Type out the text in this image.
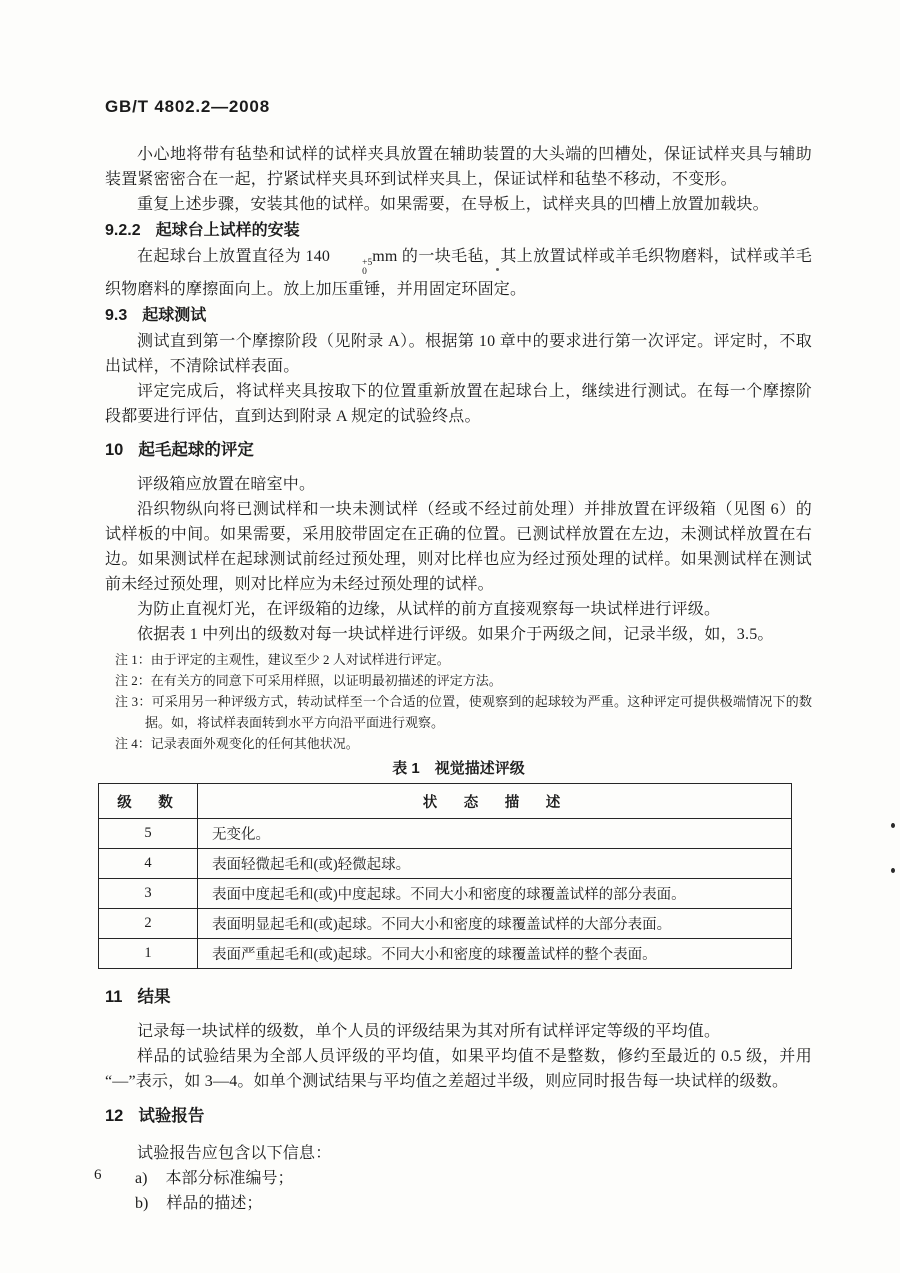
GB/T 4802.2—2008

小心地将带有毡垫和试样的试样夹具放置在辅助装置的大头端的凹槽处，保证试样夹具与辅助装置紧密密合在一起，拧紧试样夹具环到试样夹具上，保证试样和毡垫不移动，不变形。

重复上述步骤，安装其他的试样。如果需要，在导板上，试样夹具的凹槽上放置加载块。

9.2.2 起球台上试样的安装

在起球台上放置直径为 140	+5
0
mm 的一块毛毡，其上放置试样或羊毛织物磨料，试样或羊毛织物磨料的摩擦面向上。放上加压重锤，并用固定环固定。

9.3 起球测试

测试直到第一个摩擦阶段（见附录 A）。根据第 10 章中的要求进行第一次评定。评定时，不取出试样，不清除试样表面。

评定完成后，将试样夹具按取下的位置重新放置在起球台上，继续进行测试。在每一个摩擦阶段都要进行评估，直到达到附录 A 规定的试验终点。

10 起毛起球的评定

评级箱应放置在暗室中。

沿织物纵向将已测试样和一块未测试样（经或不经过前处理）并排放置在评级箱（见图 6）的试样板的中间。如果需要，采用胶带固定在正确的位置。已测试样放置在左边，未测试样放置在右边。如果测试样在起球测试前经过预处理，则对比样也应为经过预处理的试样。如果测试样在测试前未经过预处理，则对比样应为未经过预处理的试样。

为防止直视灯光，在评级箱的边缘，从试样的前方直接观察每一块试样进行评级。

依据表 1 中列出的级数对每一块试样进行评级。如果介于两级之间，记录半级，如，3.5。

注 1：由于评定的主观性，建议至少 2 人对试样进行评定。

注 2：在有关方的同意下可采用样照，以证明最初描述的评定方法。

注 3：可采用另一种评级方式，转动试样至一个合适的位置，使观察到的起球较为严重。这种评定可提供极端情况下的数据。如，将试样表面转到水平方向沿平面进行观察。

注 4：记录表面外观变化的任何其他状况。

表 1　视觉描述评级
级　数	状　态　描　述
5	无变化。
4	表面轻微起毛和(或)轻微起球。
3	表面中度起毛和(或)中度起球。不同大小和密度的球覆盖试样的部分表面。
2	表面明显起毛和(或)起球。不同大小和密度的球覆盖试样的大部分表面。
1	表面严重起毛和(或)起球。不同大小和密度的球覆盖试样的整个表面。
11 结果

记录每一块试样的级数，单个人员的评级结果为其对所有试样评定等级的平均值。

样品的试验结果为全部人员评级的平均值，如果平均值不是整数，修约至最近的 0.5 级，并用“—”表示，如 3—4。如单个测试结果与平均值之差超过半级，则应同时报告每一块试样的级数。

12 试验报告

试验报告应包含以下信息：

a) 本部分标准编号；
b) 样品的描述；
6
